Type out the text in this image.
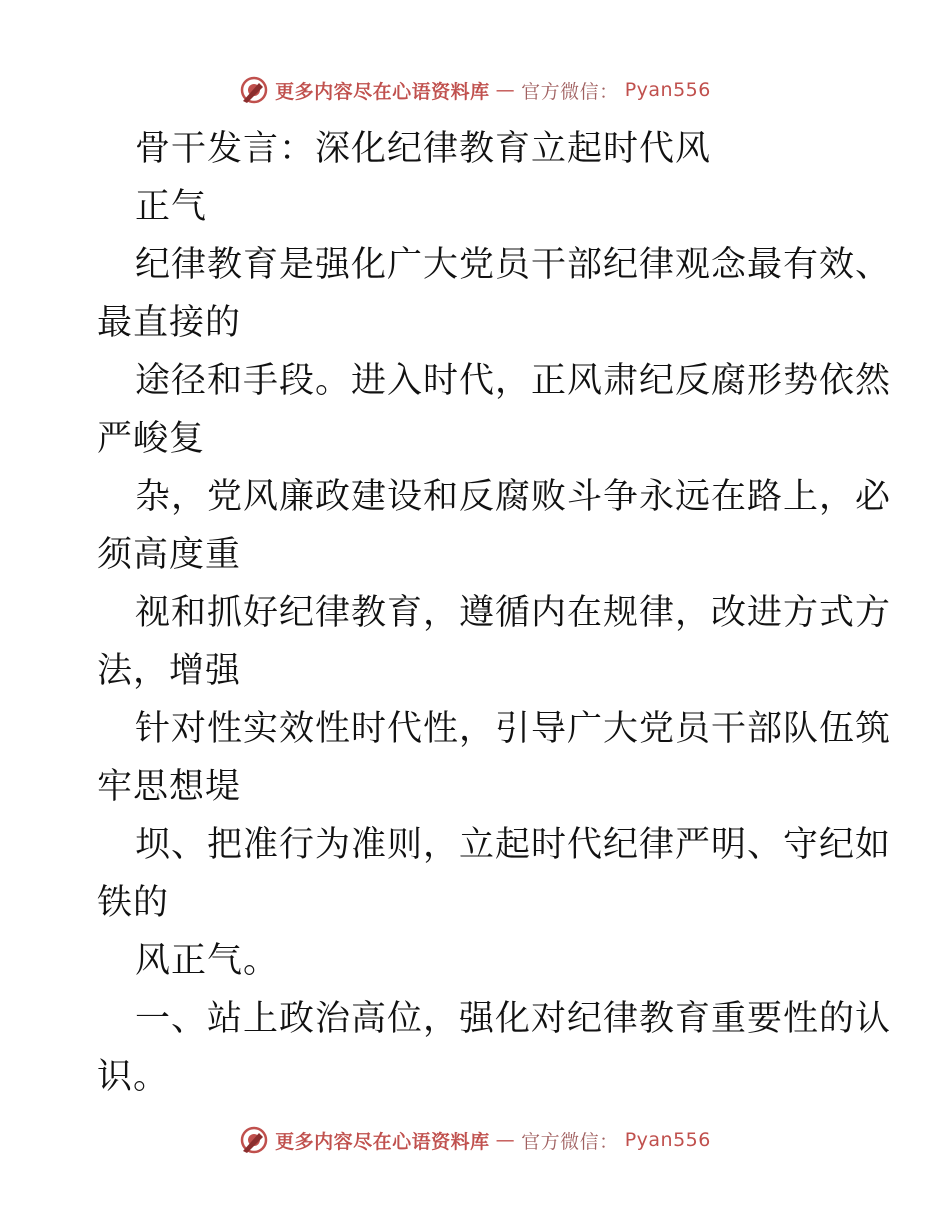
更多内容尽在心语资料库 — 官方微信： Pyan556
骨干发言：深化纪律教育立起时代风
正气
纪律教育是强化广大党员干部纪律观念最有效、
最直接的
途径和手段。进入时代，正风肃纪反腐形势依然
严峻复
杂，党风廉政建设和反腐败斗争永远在路上，必
须高度重
视和抓好纪律教育，遵循内在规律，改进方式方
法，增强
针对性实效性时代性，引导广大党员干部队伍筑
牢思想堤
坝、把准行为准则，立起时代纪律严明、守纪如
铁的
风正气。
一、站上政治高位，强化对纪律教育重要性的认
识。
更多内容尽在心语资料库 — 官方微信： Pyan556
